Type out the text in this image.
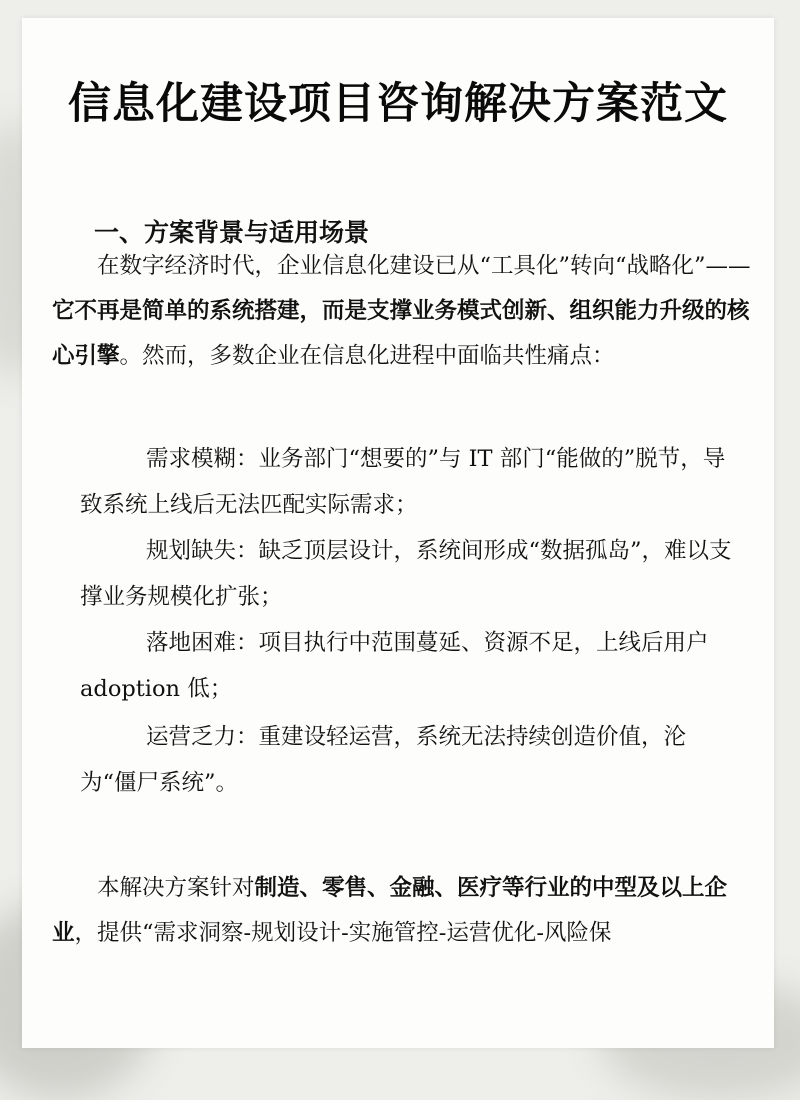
信息化建设项目咨询解决方案范文
一、方案背景与适用场景

在数字经济时代，企业信息化建设已从“工具化”转向“战略化”——它不再是简单的系统搭建，而是支撑业务模式创新、组织能力升级的核心引擎。然而，多数企业在信息化进程中面临共性痛点：

需求模糊：业务部门“想要的”与 IT 部门“能做的”脱节，导致系统上线后无法匹配实际需求；

规划缺失：缺乏顶层设计，系统间形成“数据孤岛”，难以支撑业务规模化扩张；

落地困难：项目执行中范围蔓延、资源不足，上线后用户 adoption 低；

运营乏力：重建设轻运营，系统无法持续创造价值，沦为“僵尸系统”。

本解决方案针对制造、零售、金融、医疗等行业的中型及以上企业，提供“需求洞察-规划设计-实施管控-运营优化-风险保
